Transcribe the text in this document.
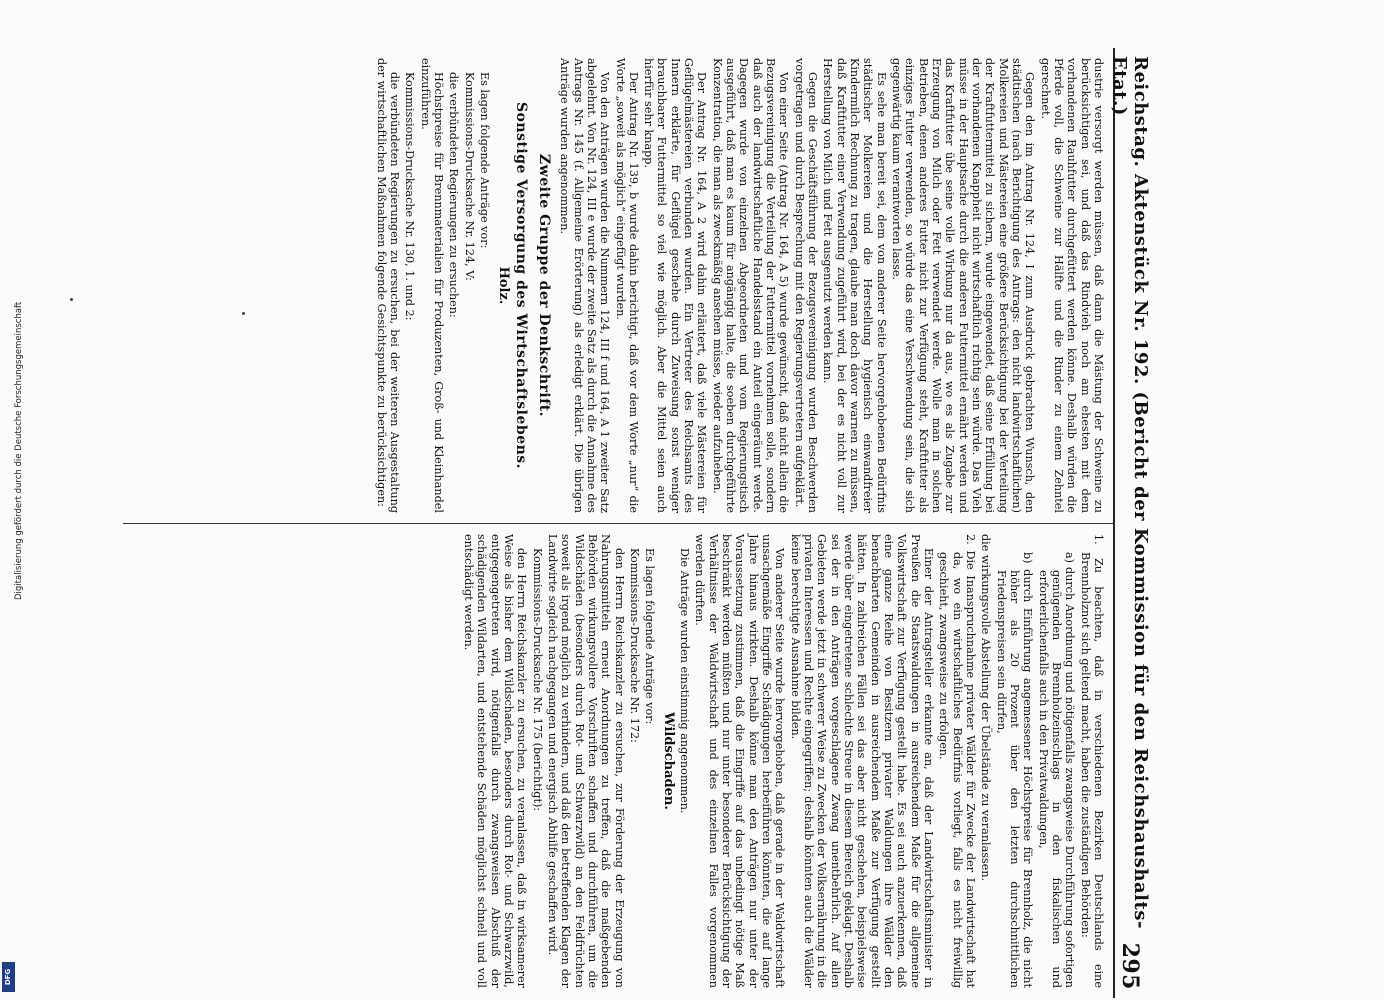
Digitalisierung gefördert durch die Deutsche Forschungsgemeinschaft
DFG
Reichstag. Aktenstück Nr. 192. (Bericht der Kommission für den Reichshaushalts-Etat.)
295

dustrie versorgt werden müssen, daß dann die Mästung der Schweine zu berücksichtigen sei, und daß das Rindvieh noch am ehesten mit dem vorhandenen Rauhfutter durchgefüttert werden könne. Deshalb würden die Pferde voll, die Schweine zur Hälfte und die Rinder zu einem Zehntel gerechnet.

Gegen den im Antrag Nr. 124, I zum Ausdruck gebrachten Wunsch, den städtischen (nach Berichtigung des Antrags: den nicht landwirtschaftlichen) Molkereien und Mästereien eine größere Berücksichtigung bei der Verteilung der Kraftfuttermittel zu sichern, wurde eingewendet, daß seine Erfüllung bei der vorhandenen Knappheit nicht wirtschaftlich richtig sein würde. Das Vieh müsse in der Hauptsache durch die anderen Futtermittel ernährt werden und das Kraftfutter übe seine volle Wirkung nur da aus, wo es als Zugabe zur Erzeugung von Milch oder Fett verwendet werde. Wolle man in solchen Betrieben, denen anderes Futter nicht zur Verfügung steht, Kraftfutter als einziges Futter verwenden, so würde das eine Verschwendung sein, die sich gegenwärtig kaum verantworten lasse.

Es sehe man bereit sei, dem von anderer Seite hervorgehobenen Bedürfnis städtischer Molkereien und die Herstellung hygienisch einwandfreier Kindermilch Rechnung zu tragen, glaube man doch davor warnen zu müssen, daß Kraftfutter einer Verwendung zugeführt wird, bei der es nicht voll zur Herstellung von Milch und Fett ausgenutzt werden kann.

Gegen die Geschäftsführung der Bezugsvereinigung wurden Beschwerden vorgetragen und durch Besprechung mit den Regierungsvertretern aufgeklärt.

Von einer Seite (Antrag Nr. 164, A 5) wurde gewünscht, daß nicht allein die Bezugsvereinigung die Verteilung der Futtermittel vornehmen solle, sondern daß auch der landwirtschaftliche Handelsstand ein Anteil eingeräumt werde. Dagegen wurde von einzelnen Abgeordneten und vom Regierungstisch ausgeführt, daß man es kaum für angängig halte, die soeben durchgeführte Konzentration, die man als zweckmäßig ansehen müsse, wieder aufzuheben.

Der Antrag Nr. 164, A 2 wird dahin erläutert, daß viele Mästereien für Geflügelmästereien verbunden wurden. Ein Vertreter des Reichsamts des Innern erklärte, für Geflügel geschehe durch Zuweisung sonst weniger brauchbarer Futtermittel so viel wie möglich. Aber die Mittel seien auch hierfür sehr knapp.

Der Antrag Nr. 139, b wurde dahin berichtigt, daß vor dem Worte „nur“ die Worte „soweit als möglich“ eingefügt wurden.

Von den Anträgen wurden die Nummern 124, III f und 164, A 1 zweiter Satz abgelehnt. Von Nr. 124, III e wurde der zweite Satz als durch die Annahme des Antrags Nr. 145 (f. Allgemeine Erörterung) als erledigt erklärt. Die übrigen Anträge wurden angenommen.

Zweite Gruppe der Denkschrift.
Sonstige Versorgung des Wirtschaftslebens.
Holz.

Es lagen folgende Anträge vor:

Kommissions-Drucksache Nr. 124, V:

die verbündeten Regierungen zu ersuchen:

Höchstpreise für Brennmaterialien für Produzenten, Groß- und Kleinhandel einzuführen.

Kommissions-Drucksache Nr. 130, 1. und 2:

die verbündeten Regierungen zu ersuchen, bei der weiteren Ausgestaltung der wirtschaftlichen Maßnahmen folgende Gesichtspunkte zu berücksichtigen:

1. Zu beachten, daß in verschiedenen Bezirken Deutschlands eine Brennholznot sich geltend macht, haben die zuständigen Behörden:

a) durch Anordnung und nötigenfalls zwangsweise Durchführung sofortigen genügenden Brennholzeinschlags in den fiskalischen und erforderlichenfalls auch in den Privatwaldungen,

b) durch Einführung angemessener Höchstpreise für Brennholz, die nicht höher als 20 Prozent über den letzten durchschnittlichen Friedenspreisen sein dürfen,

die wirkungsvolle Abstellung der Übelstände zu veranlassen.

2. Die Inanspruchnahme privater Wälder für Zwecke der Landwirtschaft hat da, wo ein wirtschaftliches Bedürfnis vorliegt, falls es nicht freiwillig geschieht, zwangsweise zu erfolgen.

Einer der Antragsteller erkannte an, daß der Landwirtschaftsminister in Preußen die Staatswaldungen in ausreichendem Maße für die allgemeine Volkswirtschaft zur Verfügung gestellt habe. Es sei auch anzuerkennen, daß eine ganze Reihe von Besitzern privater Waldungen ihre Wälder den benachbarten Gemeinden in ausreichendem Maße zur Verfügung gestellt hätten. In zahlreichen Fällen sei das aber nicht geschehen, beispielsweise werde über eingetretene schlechte Streue in diesem Bereich geklagt. Deshalb sei der in den Anträgen vorgeschlagene Zwang unentbehrlich. Auf allen Gebieten werde jetzt in schwerer Weise zu Zwecken der Volksernährung in die privaten Interessen und Rechte eingegriffen; deshalb könnten auch die Wälder keine berechtigte Ausnahme bilden.

Von anderer Seite wurde hervorgehoben, daß gerade in der Waldwirtschaft unsachgemäße Eingriffe Schädigungen herbeiführen könnten, die auf lange Jahre hinaus wirkten. Deshalb könne man den Anträgen nur unter der Voraussetzung zustimmen, daß die Eingriffe auf das unbedingt nötige Maß beschränkt werden müßten und nur unter besonderer Berücksichtigung der Verhältnisse der Waldwirtschaft und des einzelnen Falles vorgenommen werden dürften.

Die Anträge wurden einstimmig angenommen.

Wildschaden.

Es lagen folgende Anträge vor:

Kommissions-Drucksache Nr. 172:

den Herrn Reichskanzler zu ersuchen, zur Förderung der Erzeugung von Nahrungsmitteln erneut Anordnungen zu treffen, daß die maßgebenden Behörden wirkungsvollere Vorschriften schaffen und durchführen, um die Wildschäden (besonders durch Rot- und Schwarzwild) an den Feldfrüchten soweit als irgend möglich zu verhindern, und daß den betreffenden Klagen der Landwirte sogleich nachgegangen und energisch Abhilfe geschaffen wird.

Kommissions-Drucksache Nr. 175 (berichtigt):

den Herrn Reichskanzler zu ersuchen, zu veranlassen, daß in wirksamerer Weise als bisher dem Wildschaden, besonders durch Rot- und Schwarzwild, entgegengetreten wird, nötigenfalls durch zwangsweisen Abschuß der schädigenden Wildarten, und entstehende Schäden möglichst schnell und voll entschädigt werden.
